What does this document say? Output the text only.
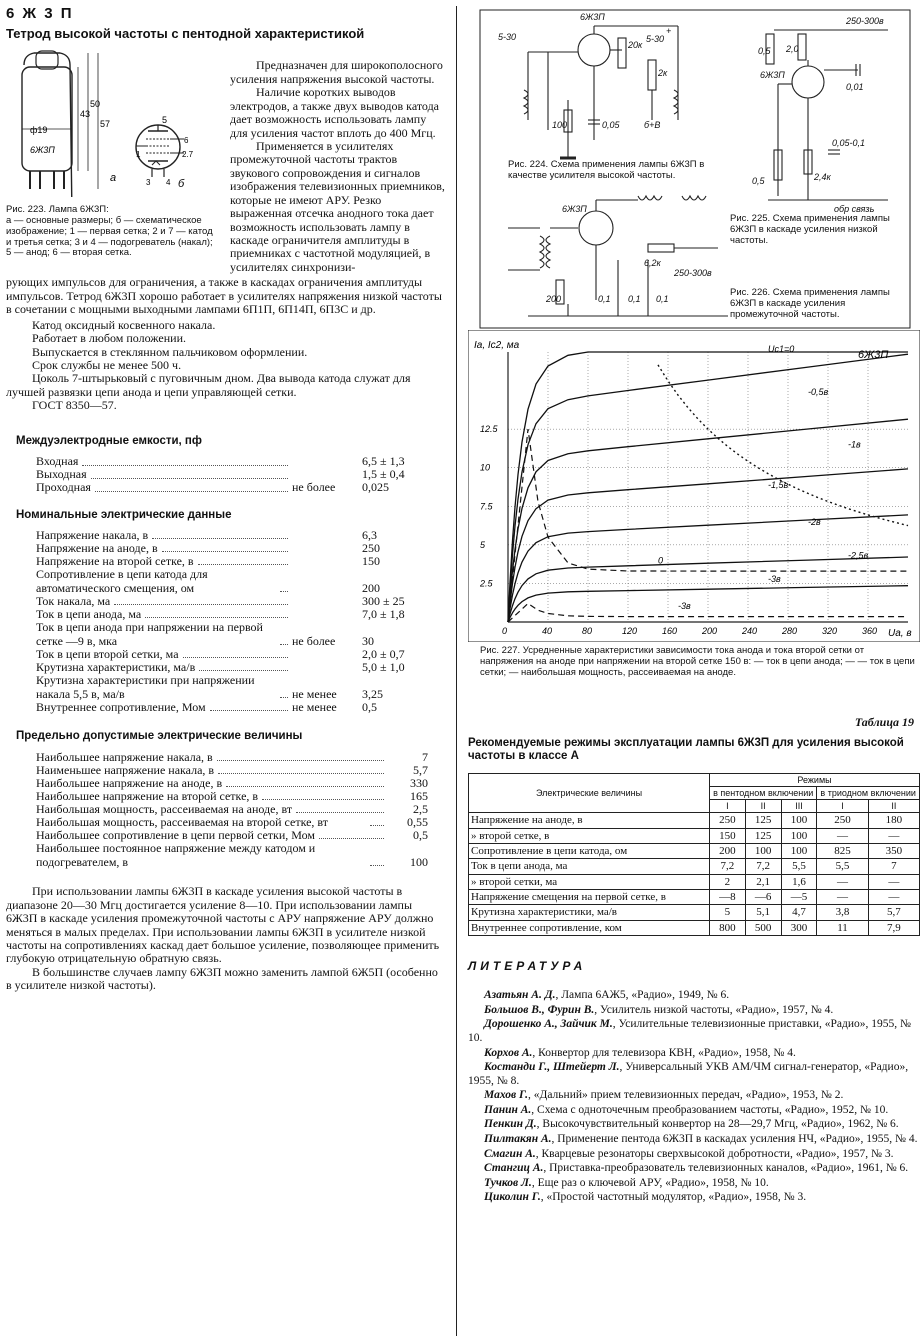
6 Ж 3 П
Тетрод высокой частоты с пентодной характеристикой
ф19
6Ж3П
43
50
57
а
5
6
2.7
3 4
1
б
Рис. 223. Лампа 6Ж3П:
а — основные размеры; б — схематическое изображение; 1 — первая сетка; 2 и 7 — катод и третья сетка; 3 и 4 — подогреватель (накал); 5 — анод; 6 — вторая сетка.

Предназначен для широкополосного усиления напряжения высокой частоты.

Наличие коротких выводов электродов, а также двух выводов катода дает возможность использовать лампу для усиления частот вплоть до 400 Мгц.

Применяется в усилителях промежуточной частоты трактов звукового сопровождения и сигналов изображения телевизионных приемников, которые не имеют АРУ. Резко выраженная отсечка анодного тока дает возможность использовать лампу в каскаде ограничителя амплитуды в приемниках с частотной модуляцией, в усилителях синхронизи-

рующих импульсов для ограничения, а также в каскадах ограничения амплитуды импульсов. Тетрод 6Ж3П хорошо работает в усилителях напряжения низкой частоты в сочетании с мощными выходными лампами 6П1П, 6П14П, 6П3С и др.

Катод оксидный косвенного накала.

Работает в любом положении.

Выпускается в стеклянном пальчиковом оформлении.

Срок службы не менее 500 ч.

Цоколь 7-штырьковый с пуговичным дном. Два вывода катода служат для лучшей развязки цепи анода и цепи управляющей сетки.

ГОСТ 8350—57.

Междуэлектродные емкости, пф
Входная	6,5 ± 1,3
Выходная	1,5 ± 0,4
Проходная	не более	0,025
Номинальные электрические данные
Напряжение накала, в	6,3
Напряжение на аноде, в	250
Напряжение на второй сетке, в	150
Сопротивление в цепи катода для автоматического смещения, ом	200
Ток накала, ма	300 ± 25
Ток в цепи анода, ма	7,0 ± 1,8
Ток в цепи анода при напряжении на первой сетке —9 в, мка	не более	30
Ток в цепи второй сетки, ма	2,0 ± 0,7
Крутизна характеристики, ма/в	5,0 ± 1,0
Крутизна характеристики при напряжении накала 5,5 в, ма/в	не менее	3,25
Внутреннее сопротивление, Мом	не менее	0,5
Предельно допустимые электрические величины
Наибольшее напряжение накала, в	7
Наименьшее напряжение накала, в	5,7
Наибольшее напряжение на аноде, в	330
Наибольшее напряжение на второй сетке, в	165
Наибольшая мощность, рассеиваемая на аноде, вт	2,5
Наибольшая мощность, рассеиваемая на второй сетке, вт	0,55
Наибольшее сопротивление в цепи первой сетки, Мом	0,5
Наибольшее постоянное напряжение между катодом и подогревателем, в	100

При использовании лампы 6Ж3П в каскаде усиления высокой частоты в диапазоне 20—30 Мгц достигается усиление 8—10. При использовании лампы 6Ж3П в каскаде усиления промежуточной частоты с АРУ напряжение АРУ должно меняться в малых пределах. При использовании лампы 6Ж3П в усилителе низкой частоты на сопротивлениях каскад дает большое усиление, позволяющее применить глубокую отрицательную обратную связь.

В большинстве случаев лампу 6Ж3П можно заменить лампой 6Ж5П (особенно в усилителе низкой частоты).

6Ж3П
5-30	5-30
20к
2к
100	0,05	б+В
+
6Ж3П
250-300в
0,5 2,0
0,01
0,05-0,1
0,5	2,4к
обр связь
6Ж3П
6,2к
250-300в
200	0,1 0,1 0,1
Рис. 224. Схема применения лампы 6Ж3П в качестве усилителя высокой частоты.
Рис. 225. Схема применения лампы 6Ж3П в каскаде усиления низкой частоты.
Рис. 226. Схема применения лампы 6Ж3П в каскаде усиления промежуточной частоты.
Uc1=0
-0,5в
-1в
-1,5в
-2в
-2,5в
-3в
0
-3в
0	40	80	120	160	200	240	280	320	360
2.5
5
7.5
10
12.5
6Ж3П
Ia, Ic2, ма
Ua, в
Рис. 227. Усредненные характеристики зависимости тока анода и тока второй сетки от напряжения на аноде при напряжении на второй сетке 150 в: — ток в цепи анода; — — ток в цепи сетки; — наибольшая мощность, рассеиваемая на аноде.
Таблица 19
Рекомендуемые режимы эксплуатации лампы 6Ж3П для усиления высокой частоты в классе А
Электрические величины	Режимы				
	в пентодном включении			в триодном включении	
	I	II	III	I	II
Напряжение на аноде, в	250	125	100	250	180
» второй сетке, в	150	125	100	—	—
Сопротивление в цепи катода, ом	200	100	100	825	350
Ток в цепи анода, ма	7,2	7,2	5,5	5,5	7
» второй сетки, ма	2	2,1	1,6	—	—
Напряжение смещения на первой сетке, в	—8	—6	—5	—	—
Крутизна характеристики, ма/в	5	5,1	4,7	3,8	5,7
Внутреннее сопротивление, ком	800	500	300	11	7,9
ЛИТЕРАТУРА

Азатьян А. Д., Лампа 6АЖ5, «Радио», 1949, № 6.

Большов В., Фурин В., Усилитель низкой частоты, «Радио», 1957, № 4.

Дорошенко А., Зайчик М., Усилительные телевизионные приставки, «Радио», 1955, № 10.

Корхов А., Конвертор для телевизора КВН, «Радио», 1958, № 4.

Костанди Г., Штейерт Л., Универсальный УКВ АМ/ЧМ сигнал-генератор, «Радио», 1955, № 8.

Махов Г., «Дальний» прием телевизионных передач, «Радио», 1953, № 2.

Панин А., Схема с одноточечным преобразованием частоты, «Радио», 1952, № 10.

Пенкин Д., Высокочувствительный конвертор на 28—29,7 Мгц, «Радио», 1962, № 6.

Пилтакян А., Применение пентода 6Ж3П в каскадах усиления НЧ, «Радио», 1955, № 4.

Смагин А., Кварцевые резонаторы сверхвысокой добротности, «Радио», 1957, № 3.

Стангиц А., Приставка-преобразователь телевизионных каналов, «Радио», 1961, № 6.

Тучков Л., Еще раз о ключевой АРУ, «Радио», 1958, № 10.

Циколин Г., «Простой частотный модулятор, «Радио», 1958, № 3.
